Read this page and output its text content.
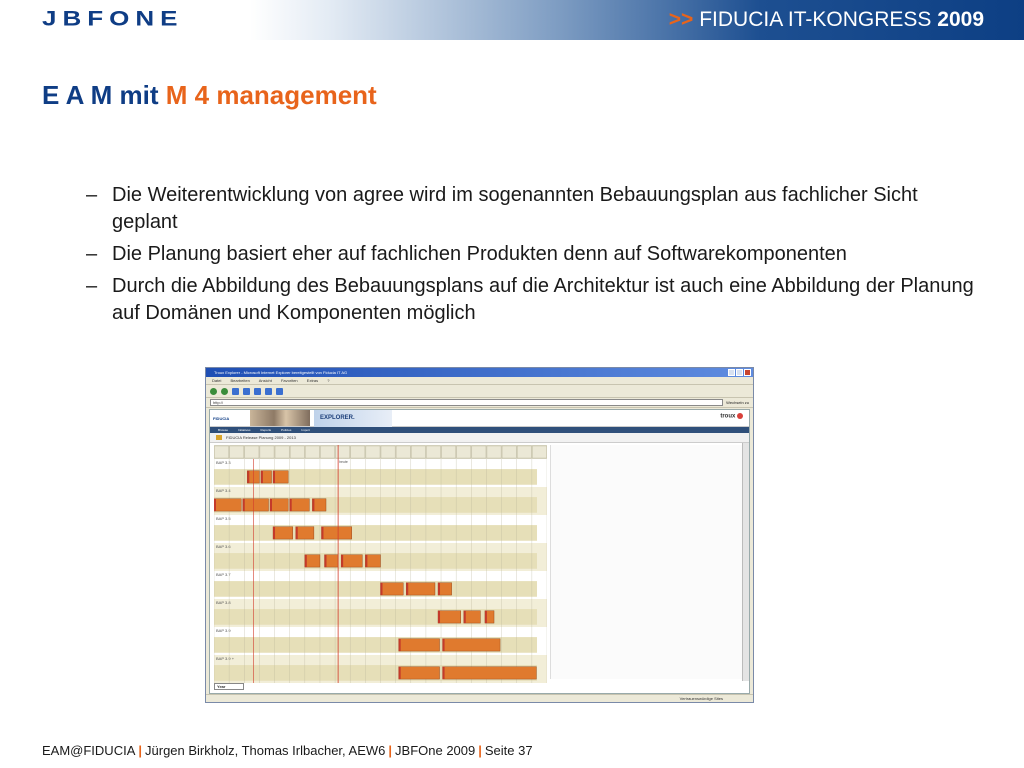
JBFONE	>> FIDUCIA IT-KONGRESS 2009
E A M mit M 4 management
– Die Weiterentwicklung von agree wird im sogenannten Bebauungsplan aus fachlicher Sicht geplant
– Die Planung basiert eher auf fachlichen Produkten denn auf Softwarekomponenten
– Durch die Abbildung des Bebauungsplans auf die Architektur ist auch eine Abbildung der Planung auf Domänen und Komponenten möglich
Troux Explorer - Microsoft Internet Explorer bereitgestellt von Fiducia IT AG
Datei Bearbeiten Ansicht Favoriten Extras ?
http://	Wechseln zu
FIDUCIA	EXPLORER.	troux
Browse	Initiatives	Reports	Policies	Import
FIDUCIA Release Planung 2009 - 2013
BAP 3.3
BAP 3.4
BAP 3.5
BAP 3.6
BAP 3.7
BAP 3.8
BAP 3.9
BAP 3.9 +
heute
Year
Vertrauenswürdige Sites
EAM@FIDUCIA | Jürgen Birkholz, Thomas Irlbacher, AEW6 | JBFOne 2009 | Seite 37
